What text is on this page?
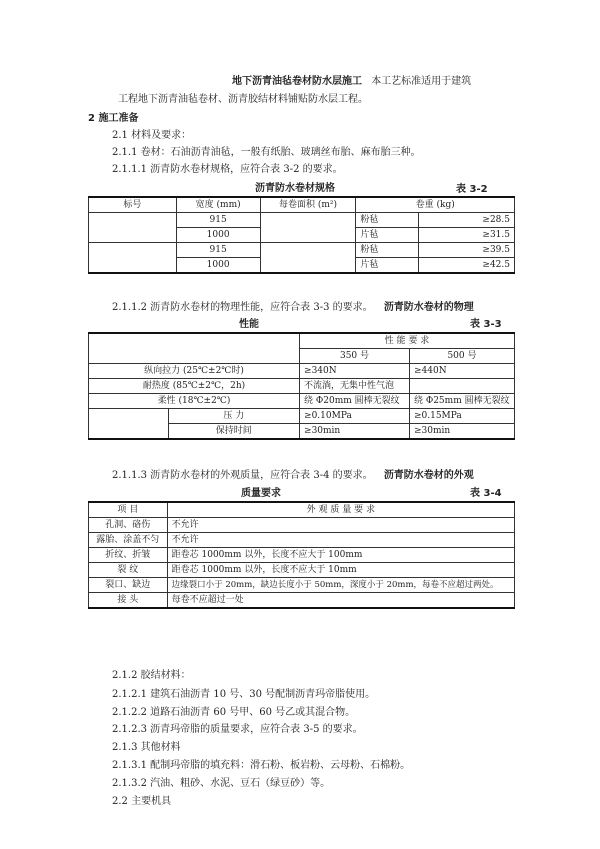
地下沥青油毡卷材防水层施工 本工艺标准适用于建筑
工程地下沥青油毡卷材、沥青胶结材料铺贴防水层工程。
2 施工准备
2.1 材料及要求：
2.1.1 卷材：石油沥青油毡，一般有纸胎、玻璃丝布胎、麻布胎三种。
2.1.1.1 沥青防水卷材规格，应符合表 3-2 的要求。
沥青防水卷材规格	表 3-2
标号	宽度 (mm)	每卷面积 (m²)	卷重 (kg)	
	915		粉毡	≥28.5
	1000		片毡	≥31.5
	915		粉毡	≥39.5
	1000		片毡	≥42.5
2.1.1.2 沥青防水卷材的物理性能，应符合表 3-3 的要求。 沥青防水卷材的物理
性能	表 3-3
		性 能 要 求	
		350 号	500 号
纵向拉力 (25℃±2℃时)		≥340N	≥440N
耐热度 (85℃±2℃，2h)		不流淌，无集中性气泡	
柔性 (18℃±2℃)		绕 Φ20mm 圆棒无裂纹	绕 Φ25mm 圆棒无裂纹
	压 力	≥0.10MPa	≥0.15MPa
	保持时间	≥30min	≥30min
2.1.1.3 沥青防水卷材的外观质量，应符合表 3-4 的要求。 沥青防水卷材的外观
质量要求	表 3-4
项 目	外 观 质 量 要 求
孔洞、硌伤	不允许
露胎、涂盖不匀	不允许
折纹、折皱	距卷芯 1000mm 以外，长度不应大于 100mm
裂 纹	距卷芯 1000mm 以外，长度不应大于 10mm
裂口、缺边	边缘裂口小于 20mm，缺边长度小于 50mm，深度小于 20mm，每卷不应超过两处。
接 头	每卷不应超过一处
2.1.2 胶结材料：
2.1.2.1 建筑石油沥青 10 号、30 号配制沥青玛帝脂使用。
2.1.2.2 道路石油沥青 60 号甲、60 号乙或其混合物。
2.1.2.3 沥青玛帝脂的质量要求，应符合表 3-5 的要求。
2.1.3 其他材料
2.1.3.1 配制玛帝脂的填充料：滑石粉、板岩粉、云母粉、石棉粉。
2.1.3.2 汽油、粗砂、水泥、豆石（绿豆砂）等。
2.2 主要机具
